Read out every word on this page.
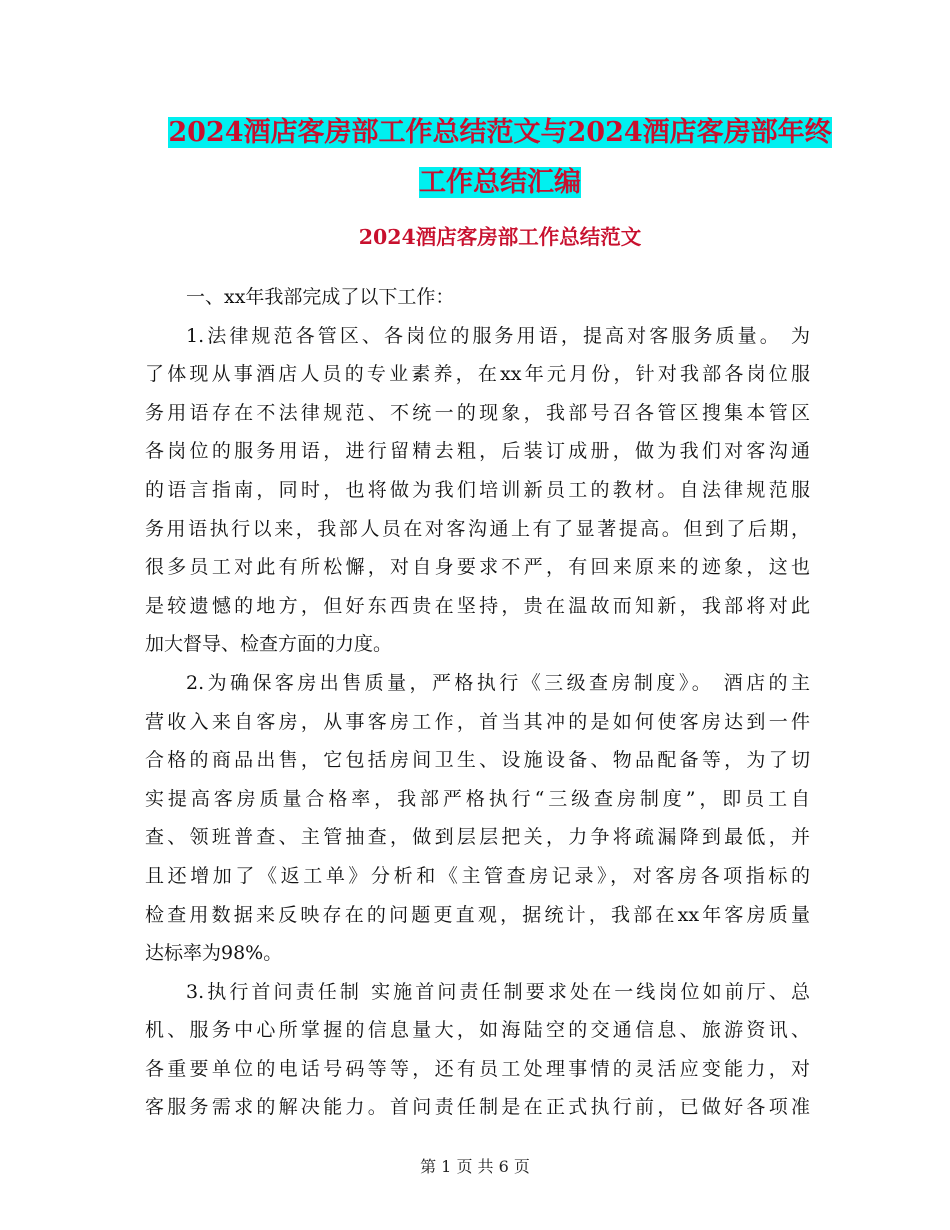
2024酒店客房部工作总结范文与2024酒店客房部年终
工作总结汇编
2024酒店客房部工作总结范文
一、xx年我部完成了以下工作：
1.法律规范各管区、各岗位的服务用语，提高对客服务质量。 为
了体现从事酒店人员的专业素养，在xx年元月份，针对我部各岗位服
务用语存在不法律规范、不统一的现象，我部号召各管区搜集本管区
各岗位的服务用语，进行留精去粗，后装订成册，做为我们对客沟通
的语言指南，同时，也将做为我们培训新员工的教材。自法律规范服
务用语执行以来，我部人员在对客沟通上有了显著提高。但到了后期，
很多员工对此有所松懈，对自身要求不严，有回来原来的迹象，这也
是较遗憾的地方，但好东西贵在坚持，贵在温故而知新，我部将对此
加大督导、检查方面的力度。
2.为确保客房出售质量，严格执行《三级查房制度》。 酒店的主
营收入来自客房，从事客房工作，首当其冲的是如何使客房达到一件
合格的商品出售，它包括房间卫生、设施设备、物品配备等，为了切
实提高客房质量合格率，我部严格执行“三级查房制度”，即员工自
查、领班普查、主管抽查，做到层层把关，力争将疏漏降到最低，并
且还增加了《返工单》分析和《主管查房记录》，对客房各项指标的
检查用数据来反映存在的问题更直观，据统计，我部在xx年客房质量
达标率为98%。
3.执行首问责任制 实施首问责任制要求处在一线岗位如前厅、总
机、服务中心所掌握的信息量大，如海陆空的交通信息、旅游资讯、
各重要单位的电话号码等等，还有员工处理事情的灵活应变能力，对
客服务需求的解决能力。首问责任制是在正式执行前，已做好各项准
第 1 页 共 6 页
